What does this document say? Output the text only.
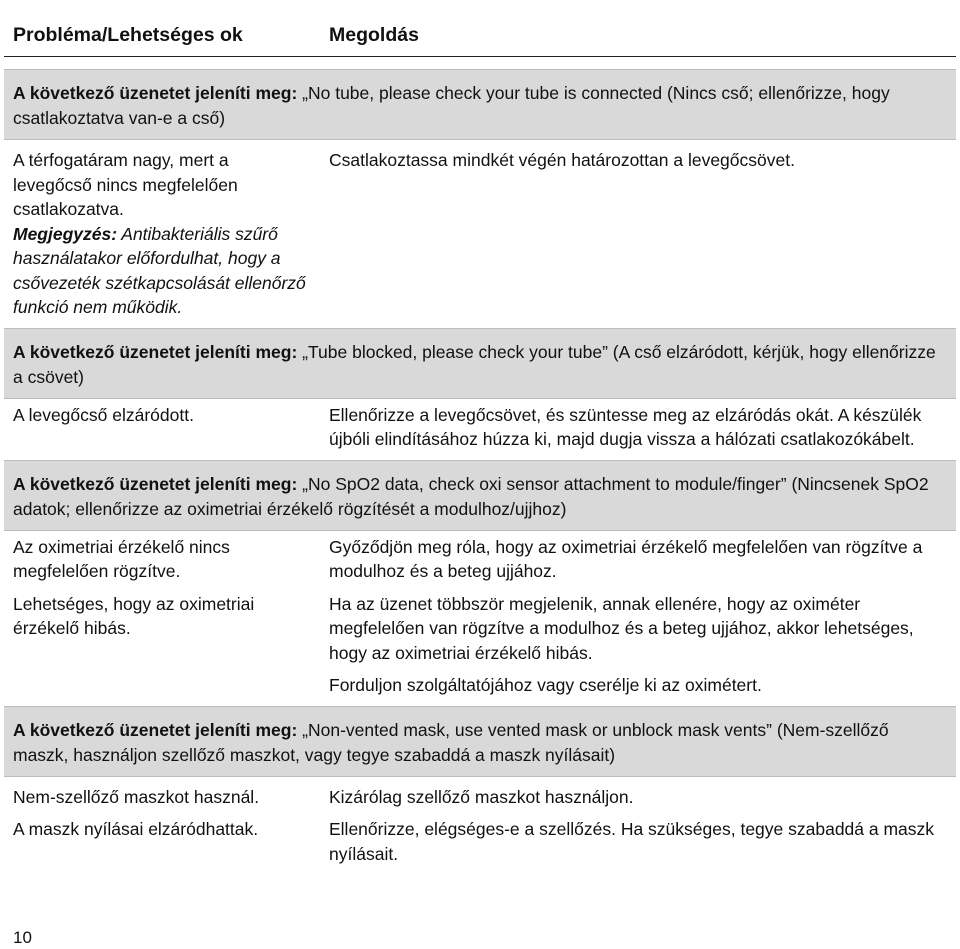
Probléma/Lehetséges ok	Megoldás
A következő üzenetet jeleníti meg: „No tube, please check your tube is connected (Nincs cső; ellenőrizze, hogy csatlakoztatva van-e a cső)

A térfogatáram nagy, mert a levegőcső nincs megfelelően csatlakozatva.

Megjegyzés: Antibakteriális szűrő használatakor előfordulhat, hogy a csővezeték szétkapcsolását ellenőrző funkció nem működik.

Csatlakoztassa mindkét végén határozottan a levegőcsövet.

A következő üzenetet jeleníti meg: „Tube blocked, please check your tube” (A cső elzáródott, kérjük, hogy ellenőrizze a csövet)

A levegőcső elzáródott.	Ellenőrizze a levegőcsövet, és szüntesse meg az elzáródás okát. A készülék újbóli elindításához húzza ki, majd dugja vissza a hálózati csatlakozókábelt.

A következő üzenetet jeleníti meg: „No SpO2 data, check oxi sensor attachment to module/finger” (Nincsenek SpO2 adatok; ellenőrizze az oximetriai érzékelő rögzítését a modulhoz/ujjhoz)

Az oximetriai érzékelő nincs megfelelően rögzítve.

Lehetséges, hogy az oximetriai érzékelő hibás.

Győződjön meg róla, hogy az oximetriai érzékelő megfelelően van rögzítve a modulhoz és a beteg ujjához.

Ha az üzenet többször megjelenik, annak ellenére, hogy az oximéter megfelelően van rögzítve a modulhoz és a beteg ujjához, akkor lehetséges, hogy az oximetriai érzékelő hibás.

Forduljon szolgáltatójához vagy cserélje ki az oximétert.

A következő üzenetet jeleníti meg: „Non-vented mask, use vented mask or unblock mask vents” (Nem-szellőző maszk, használjon szellőző maszkot, vagy tegye szabaddá a maszk nyílásait)

Nem-szellőző maszkot használ.

A maszk nyílásai elzáródhattak.

Kizárólag szellőző maszkot használjon.

Ellenőrizze, elégséges-e a szellőzés. Ha szükséges, tegye szabaddá a maszk nyílásait.

10
